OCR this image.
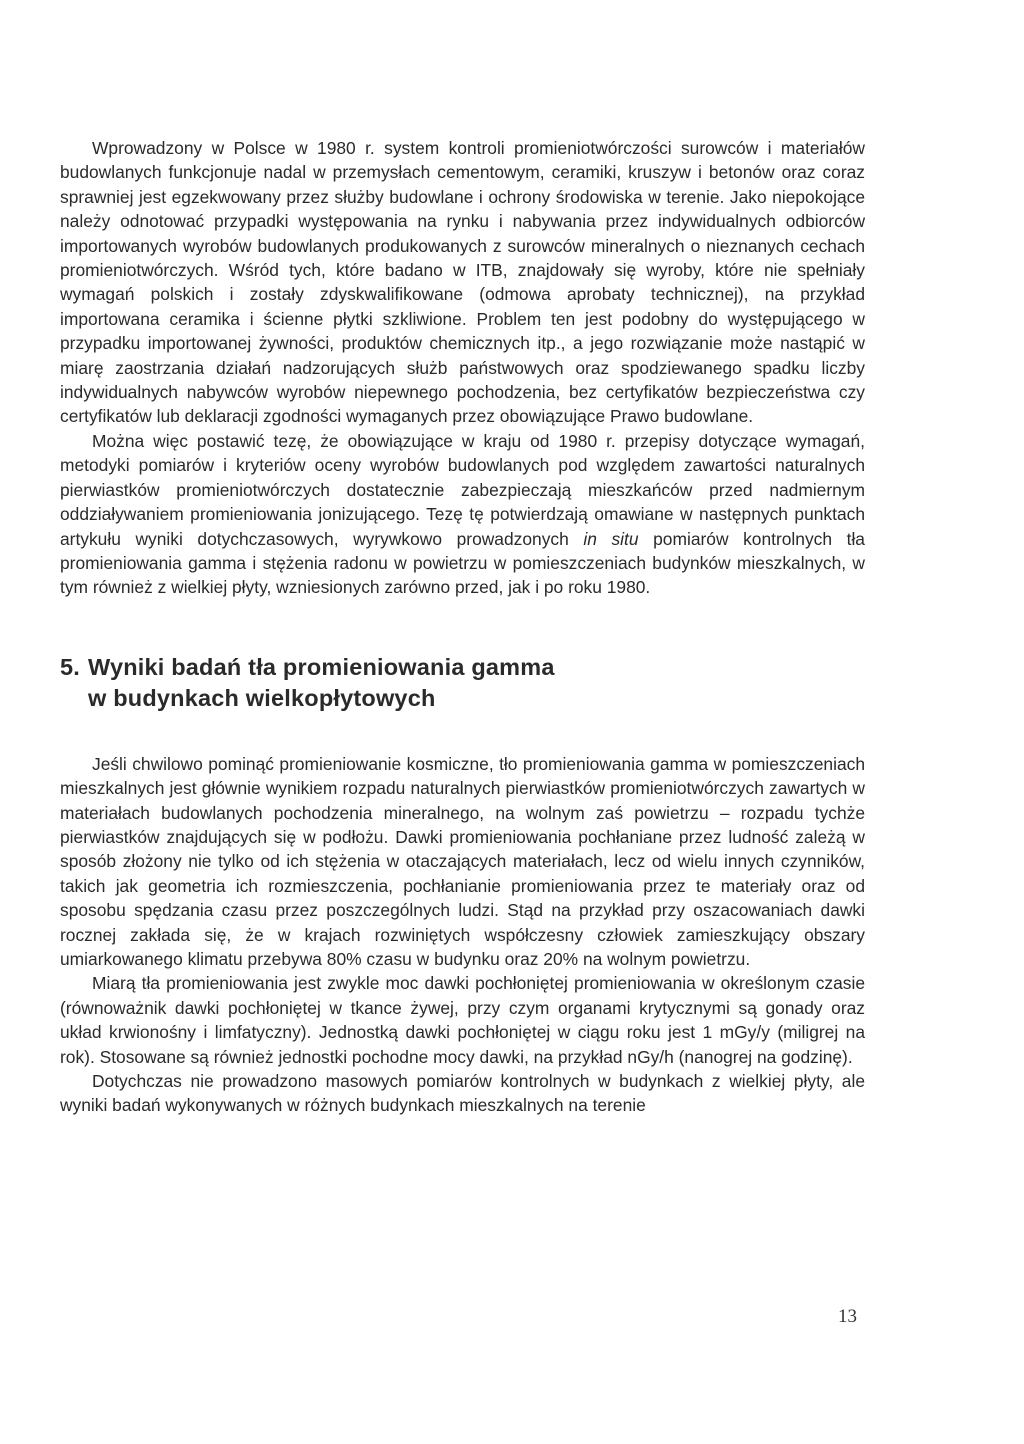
Wprowadzony w Polsce w 1980 r. system kontroli promieniotwórczości surowców i materiałów budowlanych funkcjonuje nadal w przemysłach cementowym, ceramiki, kruszyw i betonów oraz coraz sprawniej jest egzekwowany przez służby budowlane i ochrony środowiska w terenie. Jako niepokojące należy odnotować przypadki występowania na rynku i nabywania przez indywidualnych odbiorców importowanych wyrobów budowlanych produkowanych z surowców mineralnych o nieznanych cechach promieniotwórczych. Wśród tych, które badano w ITB, znajdowały się wyroby, które nie spełniały wymagań polskich i zostały zdyskwalifikowane (odmowa aprobaty technicznej), na przykład importowana ceramika i ścienne płytki szkliwione. Problem ten jest podobny do występującego w przypadku importowanej żywności, produktów chemicznych itp., a jego rozwiązanie może nastąpić w miarę zaostrzania działań nadzorujących służb państwowych oraz spodziewanego spadku liczby indywidualnych nabywców wyrobów niepewnego pochodzenia, bez certyfikatów bezpieczeństwa czy certyfikatów lub deklaracji zgodności wymaganych przez obowiązujące Prawo budowlane.

Można więc postawić tezę, że obowiązujące w kraju od 1980 r. przepisy dotyczące wymagań, metodyki pomiarów i kryteriów oceny wyrobów budowlanych pod względem zawartości naturalnych pierwiastków promieniotwórczych dostatecznie zabezpieczają mieszkańców przed nadmiernym oddziaływaniem promieniowania jonizującego. Tezę tę potwierdzają omawiane w następnych punktach artykułu wyniki dotychczasowych, wyrywkowo prowadzonych in situ pomiarów kontrolnych tła promieniowania gamma i stężenia radonu w powietrzu w pomieszczeniach budynków mieszkalnych, w tym również z wielkiej płyty, wzniesionych zarówno przed, jak i po roku 1980.

5. Wyniki badań tła promieniowania gamma
w budynkach wielkopłytowych

Jeśli chwilowo pominąć promieniowanie kosmiczne, tło promieniowania gamma w pomieszczeniach mieszkalnych jest głównie wynikiem rozpadu naturalnych pierwiastków promieniotwórczych zawartych w materiałach budowlanych pochodzenia mineralnego, na wolnym zaś powietrzu – rozpadu tychże pierwiastków znajdujących się w podłożu. Dawki promieniowania pochłaniane przez ludność zależą w sposób złożony nie tylko od ich stężenia w otaczających materiałach, lecz od wielu innych czynników, takich jak geometria ich rozmieszczenia, pochłanianie promieniowania przez te materiały oraz od sposobu spędzania czasu przez poszczególnych ludzi. Stąd na przykład przy oszacowaniach dawki rocznej zakłada się, że w krajach rozwiniętych współczesny człowiek zamieszkujący obszary umiarkowanego klimatu przebywa 80% czasu w budynku oraz 20% na wolnym powietrzu.

Miarą tła promieniowania jest zwykle moc dawki pochłoniętej promieniowania w określonym czasie (równoważnik dawki pochłoniętej w tkance żywej, przy czym organami krytycznymi są gonady oraz układ krwionośny i limfatyczny). Jednostką dawki pochłoniętej w ciągu roku jest 1 mGy/y (miligrej na rok). Stosowane są również jednostki pochodne mocy dawki, na przykład nGy/h (nanogrej na godzinę).

Dotychczas nie prowadzono masowych pomiarów kontrolnych w budynkach z wielkiej płyty, ale wyniki badań wykonywanych w różnych budynkach mieszkalnych na terenie

13
